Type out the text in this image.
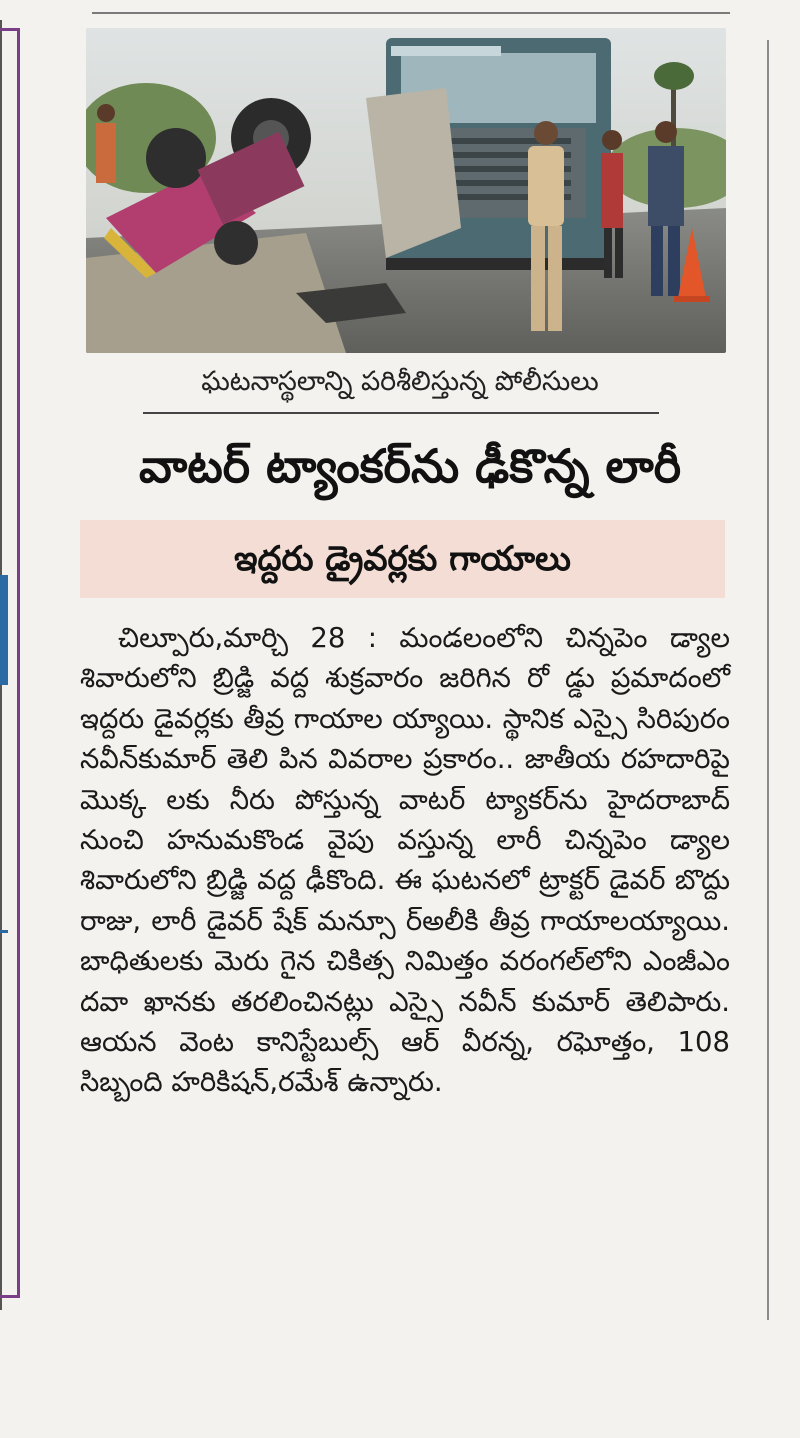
ఘటనాస్థలాన్ని పరిశీలిస్తున్న పోలీసులు
వాటర్ ట్యాంకర్‌ను ఢీకొన్న లారీ
ఇద్దరు డ్రైవర్లకు గాయాలు

చిల్పూరు,మార్చి 28 : మండలంలోని చిన్నపెం డ్యాల శివారులోని బ్రిడ్జి వద్ద శుక్రవారం జరిగిన రో డ్డు ప్రమాదంలో ఇద్దరు డైవర్లకు తీవ్ర గాయాల య్యాయి. స్థానిక ఎస్సై సిరిపురం నవీన్‌కుమార్ తెలి పిన వివరాల ప్రకారం.. జాతీయ రహదారిపై మొక్క లకు నీరు పోస్తున్న వాటర్ ట్యాకర్‌ను హైదరాబాద్ నుంచి హనుమకొండ వైపు వస్తున్న లారీ చిన్నపెం డ్యాల శివారులోని బ్రిడ్జి వద్ద ఢీకొంది. ఈ ఘటనలో ట్రాక్టర్ డైవర్ బొద్దు రాజు, లారీ డైవర్ షేక్ మన్సూ ర్అలీకి తీవ్ర గాయాలయ్యాయి. బాధితులకు మెరు గైన చికిత్స నిమిత్తం వరంగల్‌లోని ఎంజీఎం దవా ఖానకు తరలించినట్లు ఎస్సై నవీన్ కుమార్ తెలిపారు. ఆయన వెంట కానిస్టేబుల్స్ ఆర్ వీరన్న, రఘోత్తం, 108 సిబ్బంది హరికిషన్,రమేశ్ ఉన్నారు.
